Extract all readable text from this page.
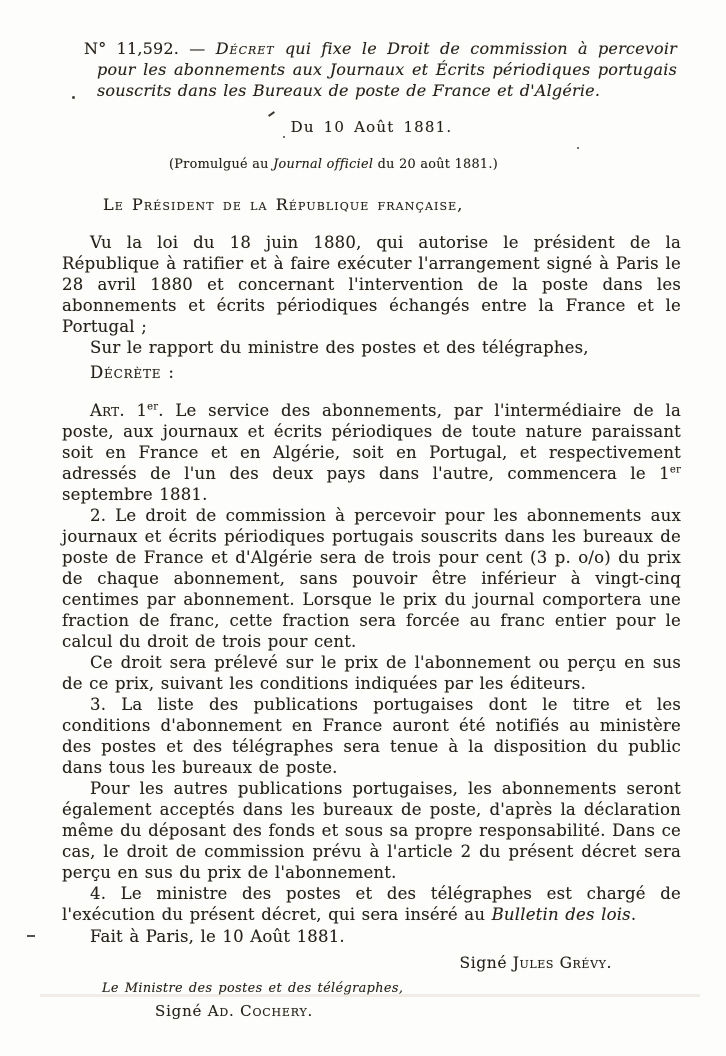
N° 11,592. — Décret qui fixe le Droit de commission à percevoir pour les abonnements aux Journaux et Écrits périodiques portugais souscrits dans les Bureaux de poste de France et d'Algérie.
Du 10 Août 1881.
(Promulgué au Journal officiel du 20 août 1881.)
Le Président de la République française,

Vu la loi du 18 juin 1880, qui autorise le président de la République à ratifier et à faire exécuter l'arrangement signé à Paris le 28 avril 1880 et concernant l'intervention de la poste dans les abonnements et écrits périodiques échangés entre la France et le Portugal ;

Sur le rapport du ministre des postes et des télégraphes,

Décrète :

Art. 1er. Le service des abonnements, par l'intermédiaire de la poste, aux journaux et écrits périodiques de toute nature paraissant soit en France et en Algérie, soit en Portugal, et respectivement adressés de l'un des deux pays dans l'autre, commencera le 1er septembre 1881.

2. Le droit de commission à percevoir pour les abonnements aux journaux et écrits périodiques portugais souscrits dans les bureaux de poste de France et d'Algérie sera de trois pour cent (3 p. o/o) du prix de chaque abonnement, sans pouvoir être inférieur à vingt-cinq centimes par abonnement. Lorsque le prix du journal comportera une fraction de franc, cette fraction sera forcée au franc entier pour le calcul du droit de trois pour cent.

Ce droit sera prélevé sur le prix de l'abonnement ou perçu en sus de ce prix, suivant les conditions indiquées par les éditeurs.

3. La liste des publications portugaises dont le titre et les conditions d'abonnement en France auront été notifiés au ministère des postes et des télégraphes sera tenue à la disposition du public dans tous les bureaux de poste.

Pour les autres publications portugaises, les abonnements seront également acceptés dans les bureaux de poste, d'après la déclaration même du déposant des fonds et sous sa propre responsabilité. Dans ce cas, le droit de commission prévu à l'article 2 du présent décret sera perçu en sus du prix de l'abonnement.

4. Le ministre des postes et des télégraphes est chargé de l'exécution du présent décret, qui sera inséré au Bulletin des lois.

Fait à Paris, le 10 Août 1881.

Signé Jules Grévy.
Le Ministre des postes et des télégraphes,
Signé Ad. Cochery.
